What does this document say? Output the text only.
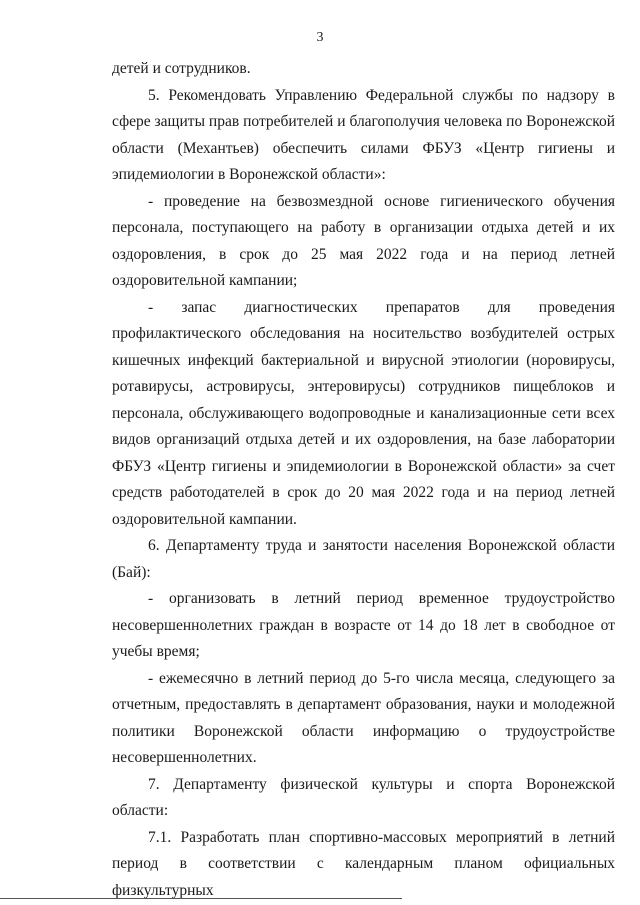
3

детей и сотрудников.

5. Рекомендовать Управлению Федеральной службы по надзору в сфере защиты прав потребителей и благополучия человека по Воронежской области (Механтьев) обеспечить силами ФБУЗ «Центр гигиены и эпидемиологии в Воронежской области»:

- проведение на безвозмездной основе гигиенического обучения персонала, поступающего на работу в организации отдыха детей и их оздоровления, в срок до 25 мая 2022 года и на период летней оздоровительной кампании;

- запас диагностических препаратов для проведения профилактического обследования на носительство возбудителей острых кишечных инфекций бактериальной и вирусной этиологии (норовирусы, ротавирусы, астровирусы, энтеровирусы) сотрудников пищеблоков и персонала, обслуживающего водопроводные и канализационные сети всех видов организаций отдыха детей и их оздоровления, на базе лаборатории ФБУЗ «Центр гигиены и эпидемиологии в Воронежской области» за счет средств работодателей в срок до 20 мая 2022 года и на период летней оздоровительной кампании.

6. Департаменту труда и занятости населения Воронежской области (Бай):

- организовать в летний период временное трудоустройство несовершеннолетних граждан в возрасте от 14 до 18 лет в свободное от учебы время;

- ежемесячно в летний период до 5-го числа месяца, следующего за отчетным, предоставлять в департамент образования, науки и молодежной политики Воронежской области информацию о трудоустройстве несовершеннолетних.

7. Департаменту физической культуры и спорта Воронежской области:

7.1. Разработать план спортивно-массовых мероприятий в летний период в соответствии с календарным планом официальных физкультурных
